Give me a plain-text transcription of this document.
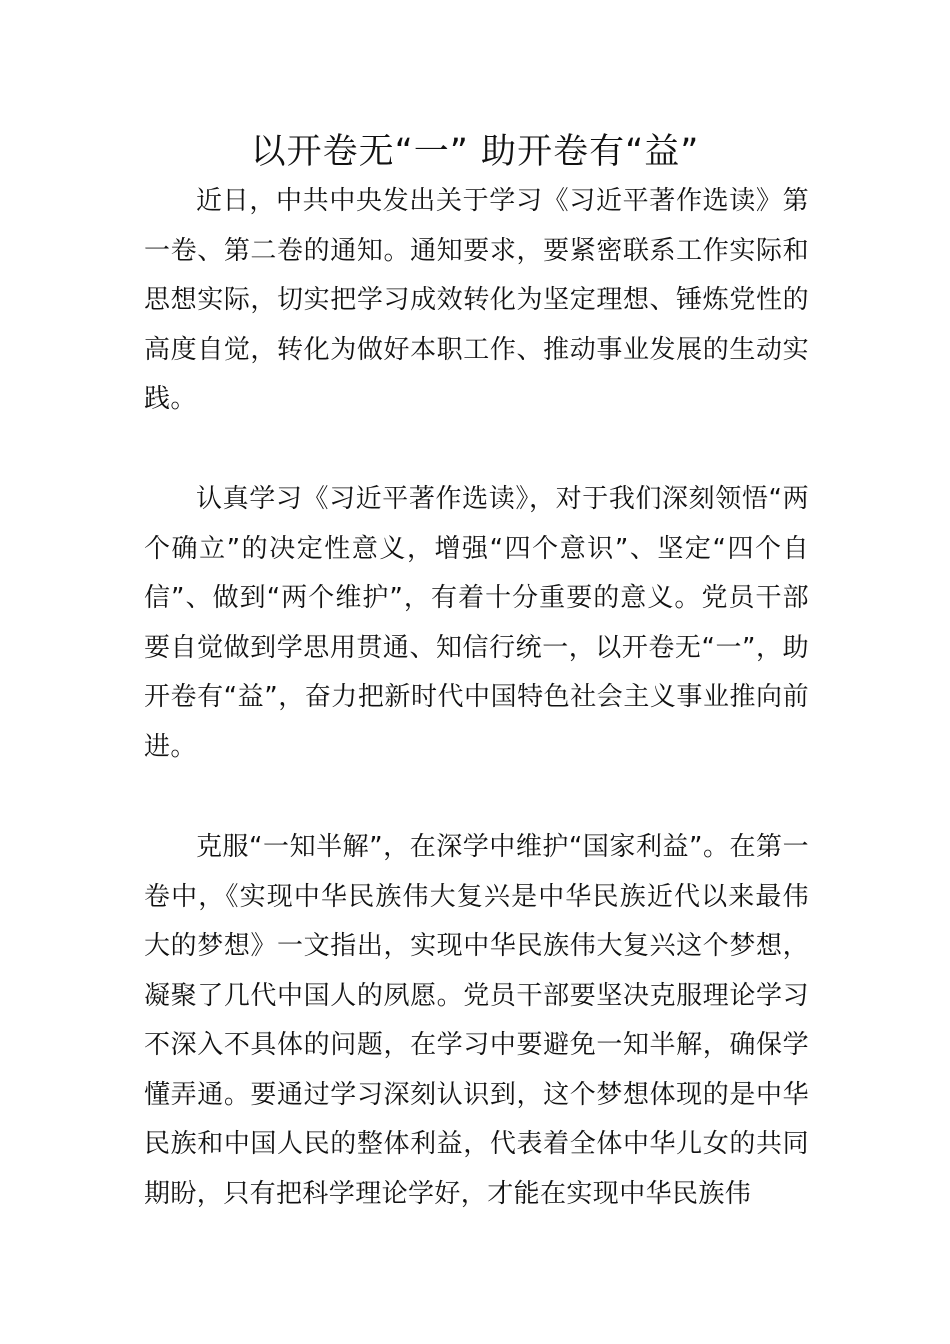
以开卷无“一” 助开卷有“益”

近日，中共中央发出关于学习《习近平著作选读》第一卷、第二卷的通知。通知要求，要紧密联系工作实际和思想实际，切实把学习成效转化为坚定理想、锤炼党性的高度自觉，转化为做好本职工作、推动事业发展的生动实践。

认真学习《习近平著作选读》，对于我们深刻领悟“两个确立”的决定性意义，增强“四个意识”、坚定“四个自信”、做到“两个维护”，有着十分重要的意义。党员干部要自觉做到学思用贯通、知信行统一，以开卷无“一”，助开卷有“益”，奋力把新时代中国特色社会主义事业推向前进。

克服“一知半解”，在深学中维护“国家利益”。在第一卷中，《实现中华民族伟大复兴是中华民族近代以来最伟大的梦想》一文指出，实现中华民族伟大复兴这个梦想，凝聚了几代中国人的夙愿。党员干部要坚决克服理论学习不深入不具体的问题，在学习中要避免一知半解，确保学懂弄通。要通过学习深刻认识到，这个梦想体现的是中华民族和中国人民的整体利益，代表着全体中华儿女的共同期盼，只有把科学理论学好，才能在实现中华民族伟
